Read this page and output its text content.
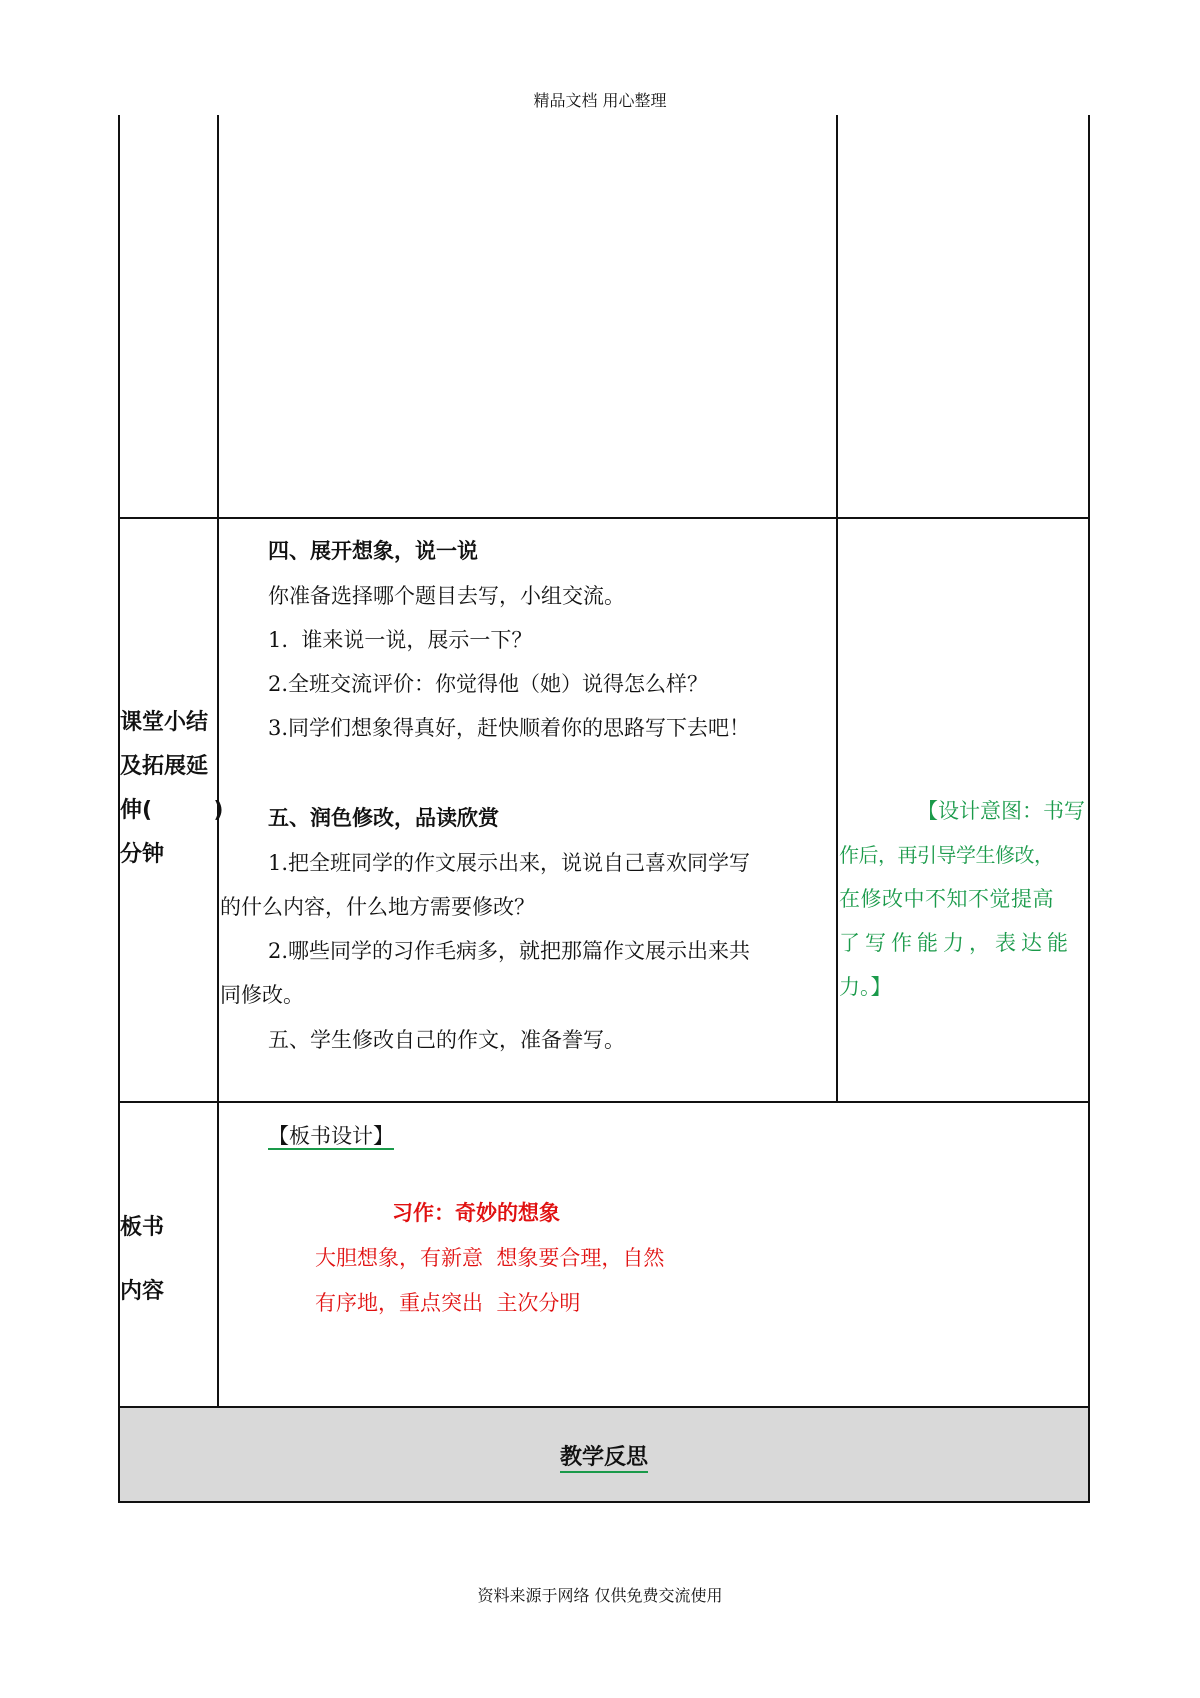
精品文档 用心整理
资料来源于网络 仅供免费交流使用
课堂小结
及拓展延
伸(        )
分钟
四、展开想象，说一说
你准备选择哪个题目去写，小组交流。
1.  谁来说一说，展示一下？
2.全班交流评价：你觉得他（她）说得怎么样？
3.同学们想象得真好，赶快顺着你的思路写下去吧！
五、润色修改，品读欣赏
1.把全班同学的作文展示出来，说说自己喜欢同学写
的什么内容，什么地方需要修改？
2.哪些同学的习作毛病多，就把那篇作文展示出来共
同修改。
五、学生修改自己的作文，准备誊写。
【设计意图：书写
作后，再引导学生修改，
在修改中不知不觉提高
了写作能力，表达能
力。】
板书
内容
【板书设计】
习作：奇妙的想象
大胆想象，有新意  想象要合理，自然
有序地，重点突出  主次分明
教学反思
